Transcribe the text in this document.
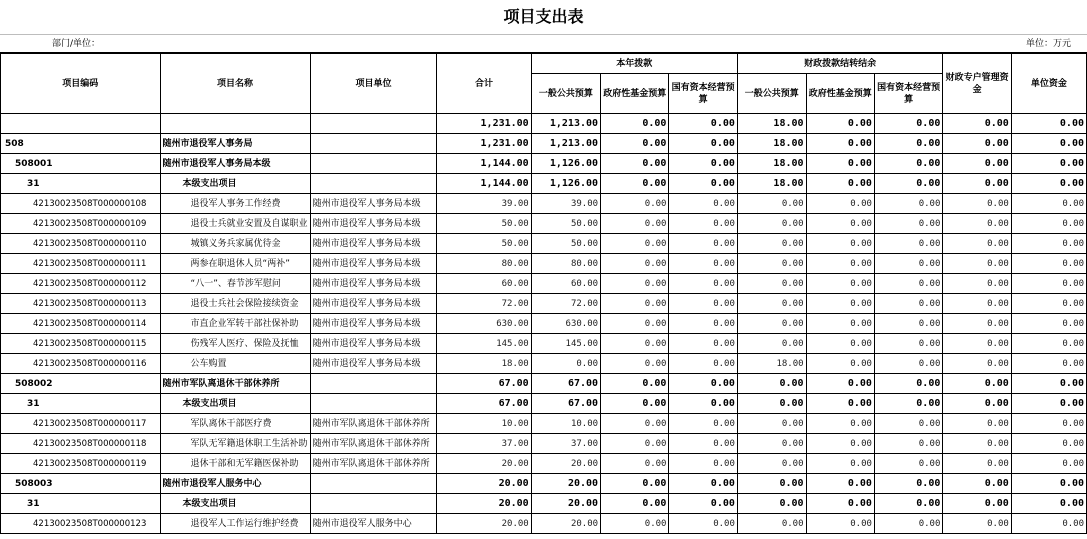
项目支出表
部门/单位：	单位：万元
项目编码	项目名称	项目单位	合计	本年拨款			财政拨款结转结余			财政专户管理资金	单位资金
				一般公共预算	政府性基金预算	国有资本经营预算	一般公共预算	政府性基金预算	国有资本经营预算		
			1,231.00	1,213.00	0.00	0.00	18.00	0.00	0.00	0.00	0.00
508	随州市退役军人事务局		1,231.00	1,213.00	0.00	0.00	18.00	0.00	0.00	0.00	0.00
508001	随州市退役军人事务局本级		1,144.00	1,126.00	0.00	0.00	18.00	0.00	0.00	0.00	0.00
31	本级支出项目		1,144.00	1,126.00	0.00	0.00	18.00	0.00	0.00	0.00	0.00
42130023508T000000108	退役军人事务工作经费	随州市退役军人事务局本级	39.00	39.00	0.00	0.00	0.00	0.00	0.00	0.00	0.00
42130023508T000000109	退役士兵就业安置及自谋职业	随州市退役军人事务局本级	50.00	50.00	0.00	0.00	0.00	0.00	0.00	0.00	0.00
42130023508T000000110	城镇义务兵家属优待金	随州市退役军人事务局本级	50.00	50.00	0.00	0.00	0.00	0.00	0.00	0.00	0.00
42130023508T000000111	两参在职退休人员“两补”	随州市退役军人事务局本级	80.00	80.00	0.00	0.00	0.00	0.00	0.00	0.00	0.00
42130023508T000000112	“八一”、春节涉军慰问	随州市退役军人事务局本级	60.00	60.00	0.00	0.00	0.00	0.00	0.00	0.00	0.00
42130023508T000000113	退役士兵社会保险接续资金	随州市退役军人事务局本级	72.00	72.00	0.00	0.00	0.00	0.00	0.00	0.00	0.00
42130023508T000000114	市直企业军转干部社保补助	随州市退役军人事务局本级	630.00	630.00	0.00	0.00	0.00	0.00	0.00	0.00	0.00
42130023508T000000115	伤残军人医疗、保险及抚恤	随州市退役军人事务局本级	145.00	145.00	0.00	0.00	0.00	0.00	0.00	0.00	0.00
42130023508T000000116	公车购置	随州市退役军人事务局本级	18.00	0.00	0.00	0.00	18.00	0.00	0.00	0.00	0.00
508002	随州市军队离退休干部休养所		67.00	67.00	0.00	0.00	0.00	0.00	0.00	0.00	0.00
31	本级支出项目		67.00	67.00	0.00	0.00	0.00	0.00	0.00	0.00	0.00
42130023508T000000117	军队离休干部医疗费	随州市军队离退休干部休养所	10.00	10.00	0.00	0.00	0.00	0.00	0.00	0.00	0.00
42130023508T000000118	军队无军籍退休职工生活补助	随州市军队离退休干部休养所	37.00	37.00	0.00	0.00	0.00	0.00	0.00	0.00	0.00
42130023508T000000119	退休干部和无军籍医保补助	随州市军队离退休干部休养所	20.00	20.00	0.00	0.00	0.00	0.00	0.00	0.00	0.00
508003	随州市退役军人服务中心		20.00	20.00	0.00	0.00	0.00	0.00	0.00	0.00	0.00
31	本级支出项目		20.00	20.00	0.00	0.00	0.00	0.00	0.00	0.00	0.00
42130023508T000000123	退役军人工作运行维护经费	随州市退役军人服务中心	20.00	20.00	0.00	0.00	0.00	0.00	0.00	0.00	0.00
